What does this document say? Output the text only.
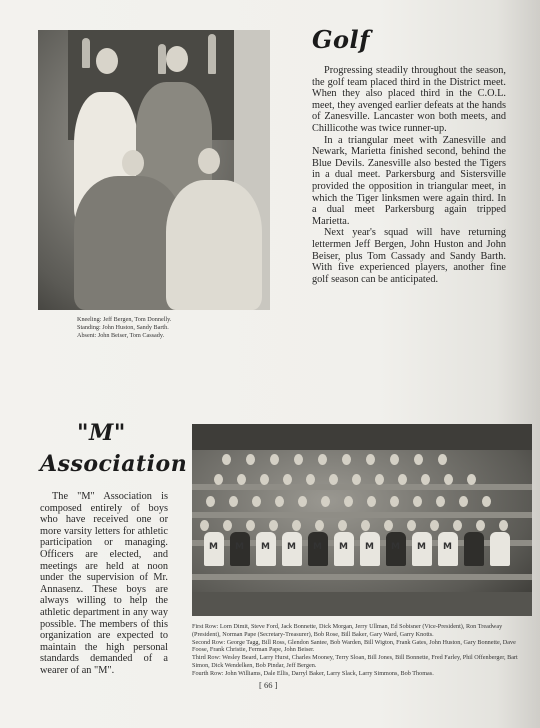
Kneeling: Jeff Bergen, Tom Donnelly.
Standing: John Huston, Sandy Barth.
Absent: John Beiser, Tom Cassady.
Golf

Progressing steadily throughout the season, the golf team placed third in the District meet. When they also placed third in the C.O.L. meet, they avenged earlier defeats at the hands of Zanesville. Lancaster won both meets, and Chillicothe was twice runner-up.

In a triangular meet with Zanesville and Newark, Marietta finished second, behind the Blue Devils. Zanesville also bested the Tigers in a dual meet. Parkersburg and Sistersville provided the opposition in triangular meet, in which the Tiger linksmen were again third. In a dual meet Parkersburg again tripped Marietta.

Next year's squad will have returning lettermen Jeff Bergen, John Huston and John Beiser, plus Tom Cassady and Sandy Barth. With five experienced players, another fine golf season can be anticipated.

"M"
Association

The "M" Association is composed entirely of boys who have received one or more varsity letters for athletic participation or managing. Officers are elected, and meetings are held at noon under the supervision of Mr. Annasenz. These boys are always willing to help the athletic department in any way possible. The members of this organization are expected to maintain the high personal standards demanded of a wearer of an "M".

M M M M M M M M M M
First Row: Lorn Dimit, Steve Ford, Jack Bonnette, Dick Morgan, Jerry Ullman, Ed Sobisner (Vice-President), Ron Treadway (President), Norman Pape (Secretary-Treasurer), Bob Rose, Bill Baker, Gary Ward, Garry Knotts.
Second Row: George Tagg, Bill Ross, Glendon Santee, Bob Warden, Bill Wigton, Frank Gates, John Huston, Gary Bonnette, Dave Foose, Frank Christie, Ferman Pape, John Beiser.
Third Row: Wesley Beard, Larry Hurst, Charles Mooney, Terry Sloan, Bill Jones, Bill Bonnette, Fred Farley, Phil Offenberger, Bart Simon, Dick Wendelken, Bob Pindar, Jeff Bergen.
Fourth Row: John Williams, Dale Ellis, Darryl Baker, Larry Slack, Larry Simmons, Bob Thomas.
[ 66 ]
